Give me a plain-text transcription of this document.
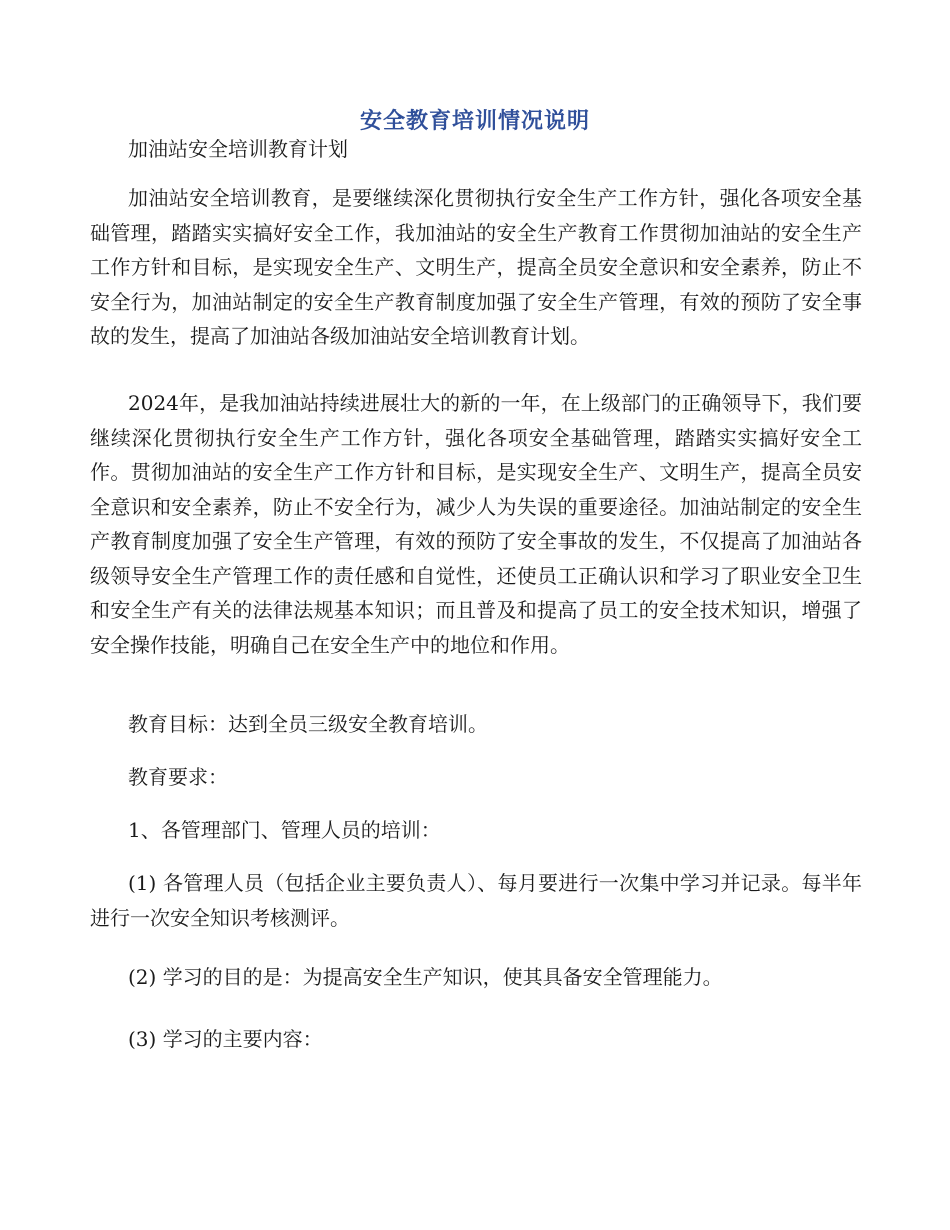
安全教育培训情况说明
加油站安全培训教育计划

加油站安全培训教育，是要继续深化贯彻执行安全生产工作方针，强化各项安全基础管理，踏踏实实搞好安全工作，我加油站的安全生产教育工作贯彻加油站的安全生产工作方针和目标，是实现安全生产、文明生产，提高全员安全意识和安全素养，防止不安全行为，加油站制定的安全生产教育制度加强了安全生产管理，有效的预防了安全事故的发生，提高了加油站各级加油站安全培训教育计划。

2024年，是我加油站持续进展壮大的新的一年，在上级部门的正确领导下，我们要继续深化贯彻执行安全生产工作方针，强化各项安全基础管理，踏踏实实搞好安全工作。贯彻加油站的安全生产工作方针和目标，是实现安全生产、文明生产，提高全员安全意识和安全素养，防止不安全行为，减少人为失误的重要途径。加油站制定的安全生产教育制度加强了安全生产管理，有效的预防了安全事故的发生，不仅提高了加油站各级领导安全生产管理工作的责任感和自觉性，还使员工正确认识和学习了职业安全卫生和安全生产有关的法律法规基本知识；而且普及和提高了员工的安全技术知识，增强了安全操作技能，明确自己在安全生产中的地位和作用。

教育目标：达到全员三级安全教育培训。

教育要求：

1、各管理部门、管理人员的培训：

(1) 各管理人员（包括企业主要负责人）、每月要进行一次集中学习并记录。每半年进行一次安全知识考核测评。

(2) 学习的目的是：为提高安全生产知识，使其具备安全管理能力。

(3) 学习的主要内容：
